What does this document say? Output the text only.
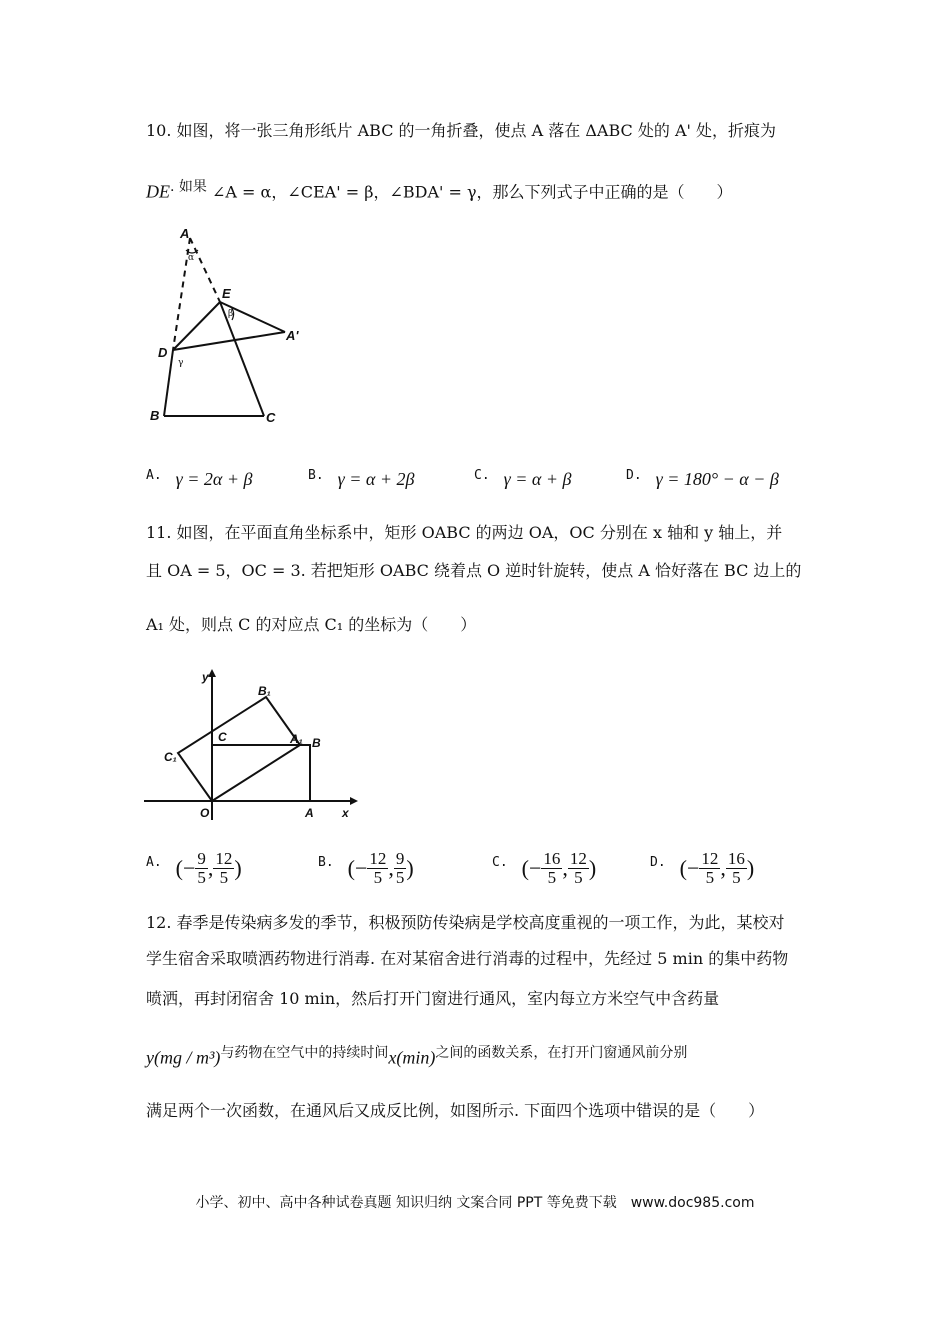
10. 如图，将一张三角形纸片 ABC 的一角折叠，使点 A 落在 ΔABC 处的 A' 处，折痕为
DE. 如果 ∠A = α，∠CEA' = β，∠BDA' = γ，那么下列式子中正确的是（　　）
A
E
A'
D
B	C
α
β
γ
A. γ = 2α + β	B. γ = α + 2β	C. γ = α + β	D. γ = 180° − α − β
11. 如图，在平面直角坐标系中，矩形 OABC 的两边 OA，OC 分别在 x 轴和 y 轴上，并
且 OA = 5，OC = 3. 若把矩形 OABC 绕着点 O 逆时针旋转，使点 A 恰好落在 BC 边上的
A₁ 处，则点 C 的对应点 C₁ 的坐标为（　　）
y
x
O	A
B
C	A₁
B₁
C₁
A. (− $\frac{9}{5}$ , $\frac{12}{5}$ )	B. (− $\frac{12}{5}$ , $\frac{9}{5}$ )	C. (− $\frac{16}{5}$ , $\frac{12}{5}$ )	D. (− $\frac{12}{5}$ , $\frac{16}{5}$ )
12. 春季是传染病多发的季节，积极预防传染病是学校高度重视的一项工作，为此，某校对
学生宿舍采取喷洒药物进行消毒. 在对某宿舍进行消毒的过程中，先经过 5 min 的集中药物
喷洒，再封闭宿舍 10 min，然后打开门窗进行通风，室内每立方米空气中含药量
y(mg / m³)与药物在空气中的持续时间x(min)之间的函数关系，在打开门窗通风前分别
满足两个一次函数，在通风后又成反比例，如图所示. 下面四个选项中错误的是（　　）
小学、初中、高中各种试卷真题 知识归纳 文案合同 PPT 等免费下载　www.doc985.com
